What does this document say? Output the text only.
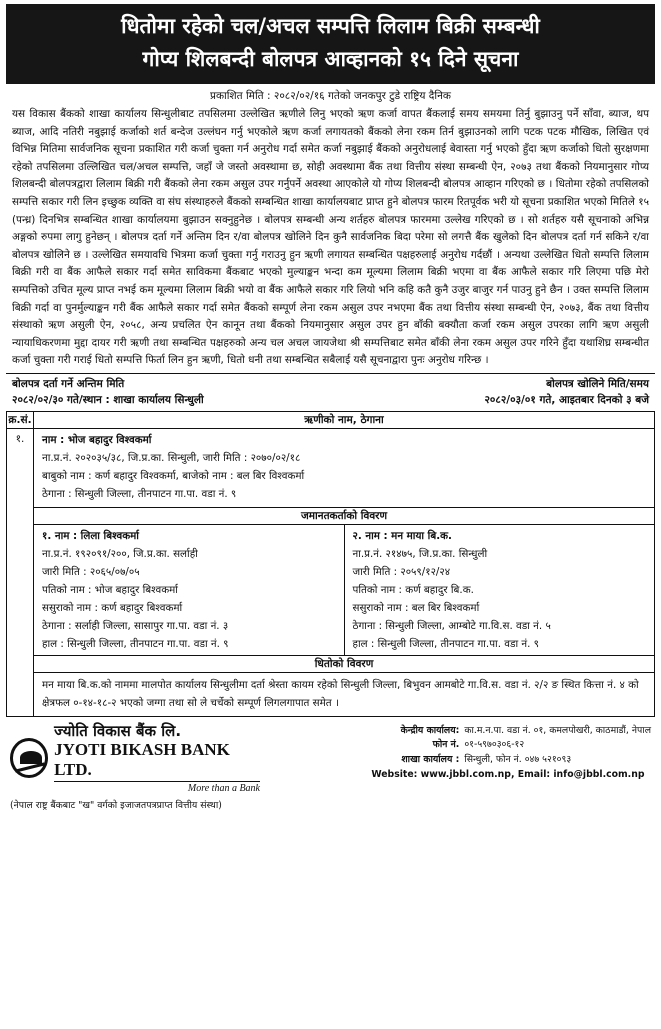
धितोमा रहेको चल/अचल सम्पत्ति लिलाम बिक्री सम्बन्धी
गोप्य शिलबन्दी बोलपत्र आव्हानको १५ दिने सूचना
प्रकाशित मिति : २०८२/०२/१६ गतेको जनकपुर टुडे राष्ट्रिय दैनिक
यस विकास बैंकको शाखा कार्यालय सिन्धुलीबाट तपसिलमा उल्लेखित ऋणीले लिनु भएको ऋण कर्जा वापत बैंकलाई समय समयमा तिर्नु बुझाउनु पर्ने साँवा, ब्याज, थप ब्याज, आदि नतिरी नबुझाई कर्जाको शर्त बन्देज उल्लंघन गर्नु भएकोले ऋण कर्जा लगायतको बैंकको लेना रकम तिर्न बुझाउनको लागि पटक पटक मौखिक, लिखित एवं विभिन्न मितिमा सार्वजनिक सूचना प्रकाशित गरी कर्जा चुक्ता गर्न अनुरोध गर्दा समेत कर्जा नबुझाई बैंकको अनुरोधलाई बेवास्ता गर्नु भएको हुँदा ऋण कर्जाको धितो सुरक्षणमा रहेको तपसिलमा उल्लिखित चल/अचल सम्पत्ति, जहाँ जे जस्तो अवस्थामा छ, सोही अवस्थामा बैंक तथा वित्तीय संस्था सम्बन्धी ऐन, २०७३ तथा बैंकको नियमानुसार गोप्य शिलबन्दी बोलपत्रद्वारा लिलाम बिक्री गरी बैंकको लेना रकम असुल उपर गर्नुपर्ने अवस्था आएकोले यो गोप्य शिलबन्दी बोलपत्र आव्हान गरिएको छ । धितोमा रहेको तपसिलको सम्पत्ति सकार गरी लिन इच्छुक व्यक्ति वा संघ संस्थाहरुले बैंकको सम्बन्धित शाखा कार्यालयबाट प्राप्त हुने बोलपत्र फारम रितपूर्वक भरी यो सूचना प्रकाशित भएको मितिले १५ (पन्ध्र) दिनभित्र सम्बन्धित शाखा कार्यालयमा बुझाउन सक्नुहुनेछ । बोलपत्र सम्बन्धी अन्य शर्तहरु बोलपत्र फारममा उल्लेख गरिएको छ । सो शर्तहरु यसै सूचनाको अभिन्न अङ्गको रुपमा लागु हुनेछन् । बोलपत्र दर्ता गर्ने अन्तिम दिन र/वा बोलपत्र खोलिने दिन कुनै सार्वजनिक बिदा परेमा सो लगत्तै बैंक खुलेको दिन बोलपत्र दर्ता गर्न सकिने र/वा बोलपत्र खोलिने छ । उल्लेखित समयावधि भित्रमा कर्जा चुक्ता गर्नु गराउनु हुन ऋणी लगायत सम्बन्धित पक्षहरुलाई अनुरोध गर्दछौं । अन्यथा उल्लेखित धितो सम्पत्ति लिलाम बिक्री गरी वा बैंक आफैले सकार गर्दा समेत साविकमा बैंकबाट भएको मुल्याङ्कन भन्दा कम मूल्यमा लिलाम बिक्री भएमा वा बैंक आफैले सकार गरि लिएमा पछि मेरो सम्पत्तिको उचित मूल्य प्राप्त नभई कम मूल्यमा लिलाम बिक्री भयो वा बैंक आफैले सकार गरि लियो भनि कहि कतै कुनै उजुर बाजुर गर्न पाउनु हुने छैन । उक्त सम्पत्ति लिलाम बिक्री गर्दा वा पुनर्मुल्याङ्कन गरी बैंक आफैले सकार गर्दा समेत बैंकको सम्पूर्ण लेना रकम असुल उपर नभएमा बैंक तथा वित्तीय संस्था सम्बन्धी ऐन, २०७३, बैंक तथा वित्तीय संस्थाको ऋण असुली ऐन, २०५८, अन्य प्रचलित ऐन कानून तथा बैंकको नियमानुसार असुल उपर हुन बाँकी बक्यौता कर्जा रकम असुल उपरका लागि ऋण असुली न्यायाधिकरणमा मुद्दा दायर गरी ऋणी तथा सम्बन्धित पक्षहरुको अन्य चल अचल जायजेथा श्री सम्पत्तिबाट समेत बाँकी लेना रकम असुल उपर गरिने हुँदा यथाशिघ्र सम्बन्धीत कर्जा चुक्ता गरी गराई धितो सम्पत्ति फिर्ता लिन हुन ऋणी, धितो धनी तथा सम्बन्धित सबैलाई यसै सूचनाद्वारा पुनः अनुरोध गरिन्छ ।
बोलपत्र दर्ता गर्ने अन्तिम मिति
२०८२/०२/३० गते/स्थान : शाखा कार्यालय सिन्धुली
बोलपत्र खोलिने मिति/समय
२०८२/०३/०१ गते, आइतबार दिनको ३ बजे
क्र.सं.	ऋणीको नाम, ठेगाना
१.	नाम : भोज बहादुर विश्वकर्मा
ना.प्र.नं. २०२०३५/३८, जि.प्र.का. सिन्धुली, जारी मिति : २०७०/०२/१८
बाबुको नाम : कर्ण बहादुर विश्वकर्मा, बाजेको नाम : बल बिर विश्वकर्मा
ठेगाना : सिन्धुली जिल्ला, तीनपाटन गा.पा. वडा नं. ९
जमानतकर्ताको विवरण
१. नाम : लिला बिश्वकर्मा
ना.प्र.नं. १९२०९१/२००, जि.प्र.का. सर्लाही
जारी मिति : २०६५/०७/०५
पतिको नाम : भोज बहादुर बिश्वकर्मा
ससुराको नाम : कर्ण बहादुर बिश्वकर्मा
ठेगाना : सर्लाही जिल्ला, सासापुर गा.पा. वडा नं. ३
हाल : सिन्धुली जिल्ला, तीनपाटन गा.पा. वडा नं. ९
२. नाम : मन माया बि.क.
ना.प्र.नं. २१४७५, जि.प्र.का. सिन्धुली
जारी मिति : २०५९/१२/२४
पतिको नाम : कर्ण बहादुर बि.क.
ससुराको नाम : बल बिर बिश्वकर्मा
ठेगाना : सिन्धुली जिल्ला, आम्बोटे गा.वि.स. वडा नं. ५
हाल : सिन्धुली जिल्ला, तीनपाटन गा.पा. वडा नं. ९
धितोको विवरण
मन माया बि.क.को नाममा मालपोत कार्यालय सिन्धुलीमा दर्ता श्रेस्ता कायम रहेको सिन्धुली जिल्ला, बिभुवन आमबोटे गा.वि.स. वडा नं. २/२ ङ स्थित कित्ता नं. ४ को क्षेत्रफल ०-१४-१८-२ भएको जग्गा तथा सो ले चर्चेको सम्पूर्ण लिगलगापात समेत ।
ज्योति विकास बैंक लि.
JYOTI BIKASH BANK LTD.
More than a Bank
(नेपाल राष्ट्र बैंकबाट "ख" वर्गको इजाजतपत्रप्राप्त वित्तीय संस्था)
केन्द्रीय कार्यालय: का.म.न.पा. वडा नं. ०१, कमलपोखरी, काठमाडौं, नेपाल
फोन नं. ०१-५९७०३०६-१२
शाखा कार्यालय : सिन्धुली, फोन नं. ०४७ ५२१०९३
Website: www.jbbl.com.np, Email: info@jbbl.com.np
